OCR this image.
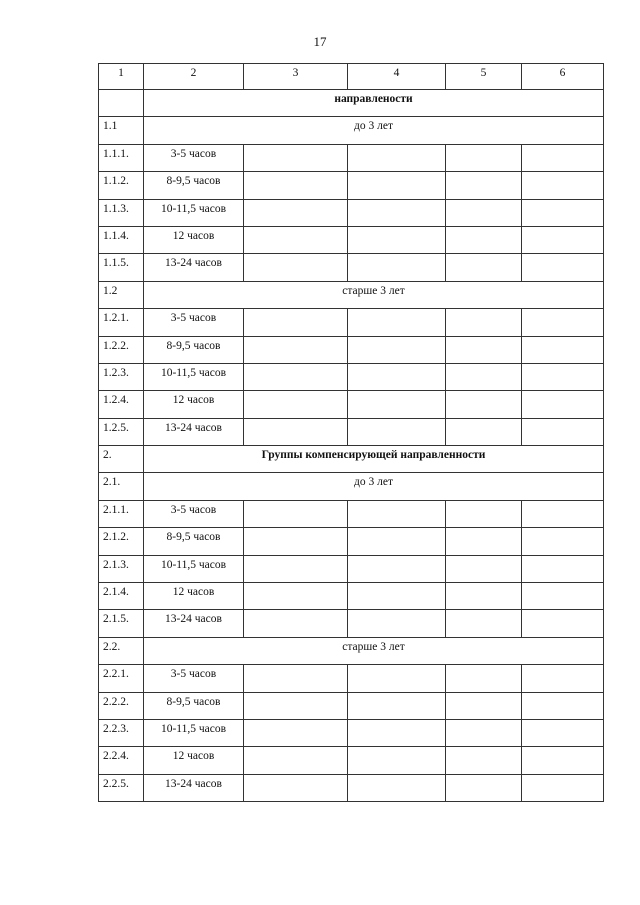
17
1	2	3	4	5	6
	направлености				
1.1	до 3 лет				
1.1.1.	3-5 часов				
1.1.2.	8-9,5 часов				
1.1.3.	10-11,5 часов				
1.1.4.	12 часов				
1.1.5.	13-24 часов				
1.2	старше 3 лет				
1.2.1.	3-5 часов				
1.2.2.	8-9,5 часов				
1.2.3.	10-11,5 часов				
1.2.4.	12 часов				
1.2.5.	13-24 часов				
2.	Группы компенсирующей направленности				
2.1.	до 3 лет				
2.1.1.	3-5 часов				
2.1.2.	8-9,5 часов				
2.1.3.	10-11,5 часов				
2.1.4.	12 часов				
2.1.5.	13-24 часов				
2.2.	старше 3 лет				
2.2.1.	3-5 часов				
2.2.2.	8-9,5 часов				
2.2.3.	10-11,5 часов				
2.2.4.	12 часов				
2.2.5.	13-24 часов				
